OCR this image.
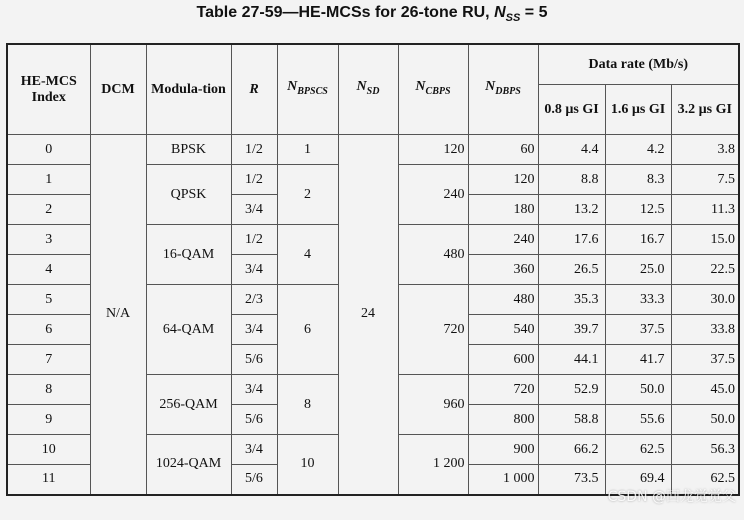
Table 27-59—HE-MCSs for 26-tone RU, $N_{SS} = 5$
HE-MCS Index	DCM	Modula-tion	R	$N_{BPSCS}$	$N_{SD}$	$N_{CBPS}$	$N_{DBPS}$	Data rate (Mb/s)		
								0.8 µs GI	1.6 µs GI	3.2 µs GI
0	N/A	BPSK	1/2	1	24	120	60	4.4	4.2	3.8
1		QPSK	1/2	2		240	120	8.8	8.3	7.5
2			3/4				180	13.2	12.5	11.3
3		16-QAM	1/2	4		480	240	17.6	16.7	15.0
4			3/4				360	26.5	25.0	22.5
5		64-QAM	2/3	6		720	480	35.3	33.3	30.0
6			3/4				540	39.7	37.5	33.8
7			5/6				600	44.1	41.7	37.5
8		256-QAM	3/4	8		960	720	52.9	50.0	45.0
9			5/6				800	58.8	55.6	50.0
10		1024-QAM	3/4	10		1 200	900	66.2	62.5	56.3
11			5/6				1 000	73.5	69.4	62.5
CSDN @回龙觉觉父
